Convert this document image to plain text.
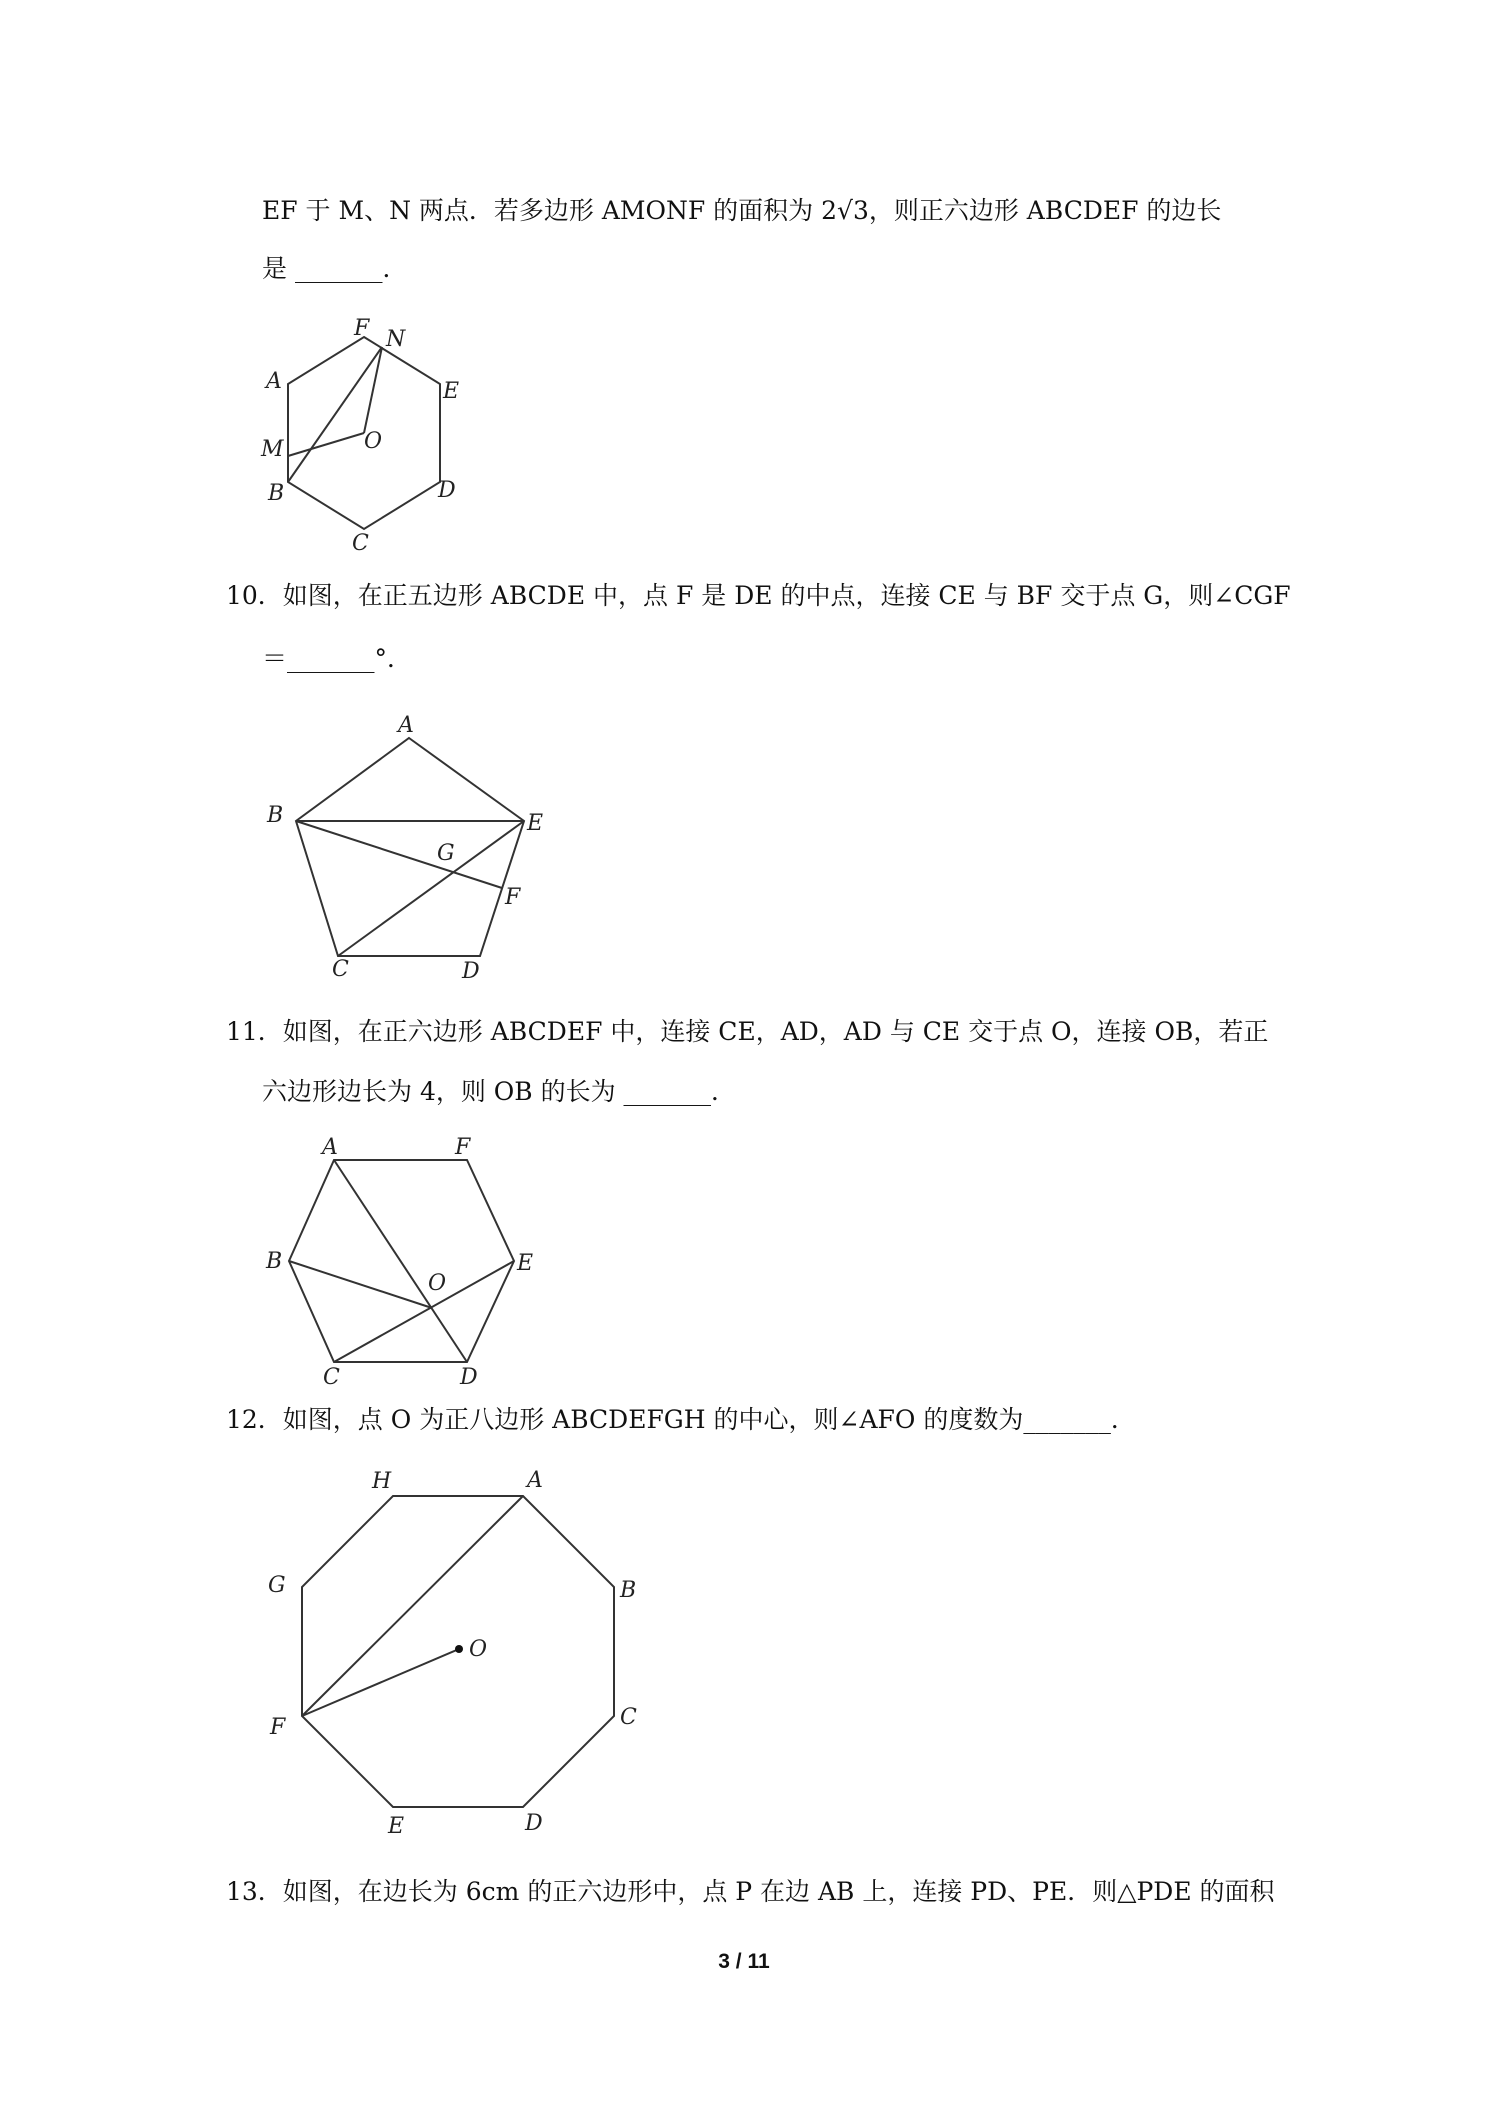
EF 于 M、N 两点．若多边形 AMONF 的面积为 2√3，则正六边形 ABCDEF 的边长
是 _______．
F N
A	E
O
M
B	D
C
10．如图，在正五边形 ABCDE 中，点 F 是 DE 的中点，连接 CE 与 BF 交于点 G，则∠CGF
＝_______°．
A
B	E
G
F
C	D
11．如图，在正六边形 ABCDEF 中，连接 CE，AD，AD 与 CE 交于点 O，连接 OB，若正
六边形边长为 4，则 OB 的长为 _______．
A	F
B	E
O
C	D
12．如图，点 O 为正八边形 ABCDEFGH 的中心，则∠AFO 的度数为_______．
H	A
G	B
O
C
F
E	D
13．如图，在边长为 6cm 的正六边形中，点 P 在边 AB 上，连接 PD、PE．则△PDE 的面积
3 / 11
